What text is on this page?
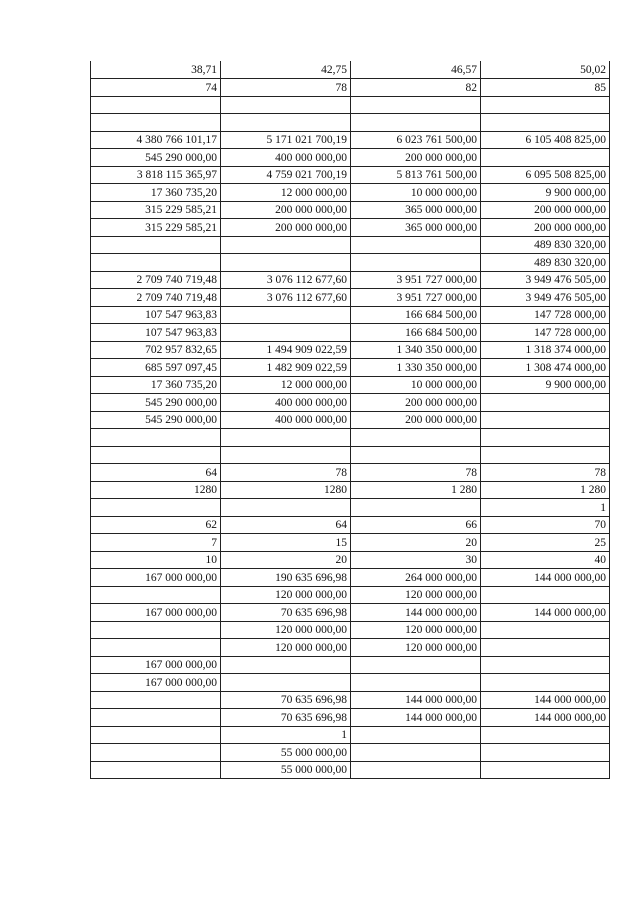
38,71	42,75	46,57	50,02
74	78	82	85

4 380 766 101,17	5 171 021 700,19	6 023 761 500,00	6 105 408 825,00
545 290 000,00	400 000 000,00	200 000 000,00	
3 818 115 365,97	4 759 021 700,19	5 813 761 500,00	6 095 508 825,00
17 360 735,20	12 000 000,00	10 000 000,00	9 900 000,00
315 229 585,21	200 000 000,00	365 000 000,00	200 000 000,00
315 229 585,21	200 000 000,00	365 000 000,00	200 000 000,00
			489 830 320,00
			489 830 320,00
2 709 740 719,48	3 076 112 677,60	3 951 727 000,00	3 949 476 505,00
2 709 740 719,48	3 076 112 677,60	3 951 727 000,00	3 949 476 505,00
107 547 963,83		166 684 500,00	147 728 000,00
107 547 963,83		166 684 500,00	147 728 000,00
702 957 832,65	1 494 909 022,59	1 340 350 000,00	1 318 374 000,00
685 597 097,45	1 482 909 022,59	1 330 350 000,00	1 308 474 000,00
17 360 735,20	12 000 000,00	10 000 000,00	9 900 000,00
545 290 000,00	400 000 000,00	200 000 000,00	
545 290 000,00	400 000 000,00	200 000 000,00	

64	78	78	78
1280	1280	1 280	1 280
			1
62	64	66	70
7	15	20	25
10	20	30	40
167 000 000,00	190 635 696,98	264 000 000,00	144 000 000,00
	120 000 000,00	120 000 000,00	
167 000 000,00	70 635 696,98	144 000 000,00	144 000 000,00
	120 000 000,00	120 000 000,00	
	120 000 000,00	120 000 000,00	
167 000 000,00			
167 000 000,00			
	70 635 696,98	144 000 000,00	144 000 000,00
	70 635 696,98	144 000 000,00	144 000 000,00
	1		
	55 000 000,00		
	55 000 000,00		
